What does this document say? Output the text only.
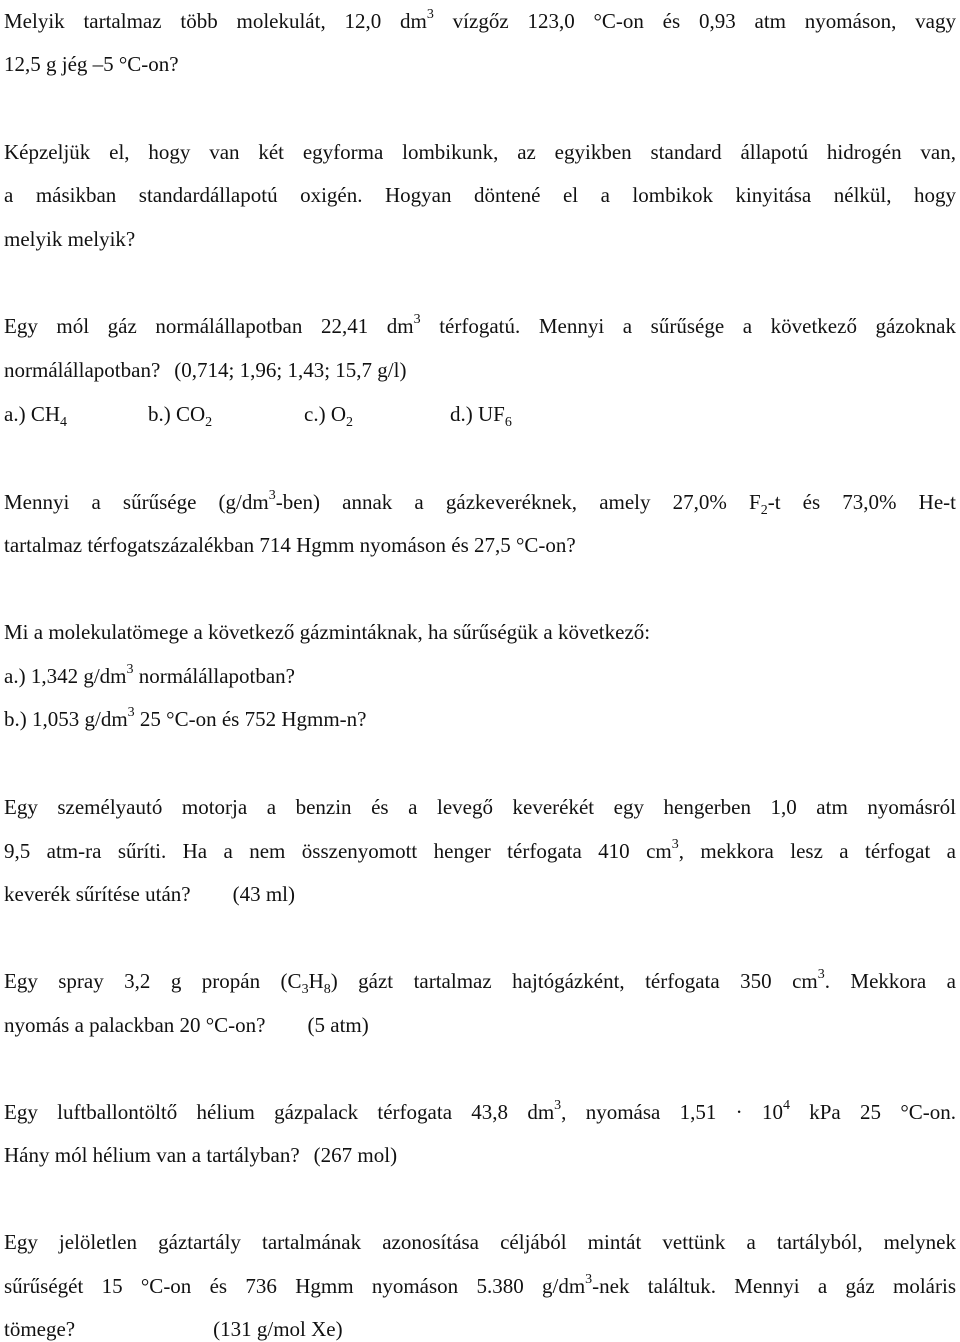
Melyik tartalmaz több molekulát, 12,0 $dm^3$ vízgőz 123,0 °C-on és 0,93 atm nyomáson, vagy
12,5 g jég –5 °C-on?
Képzeljük el, hogy van két egyforma lombikunk, az egyikben standard állapotú hidrogén van,
a másikban standardállapotú oxigén. Hogyan döntené el a lombikok kinyitása nélkül, hogy
melyik melyik?
Egy mól gáz normálállapotban 22,41 $dm^3$ térfogatú. Mennyi a sűrűsége a következő gázoknak
normálállapotban? (0,714; 1,96; 1,43; 15,7 g/l)
a.) $CH_4$	b.) $CO_2$	c.) $O_2$	d.) $UF_6$
Mennyi a sűrűsége $(g/dm^3-ben)$ annak a gázkeveréknek, amely 27,0% $F_2-t$ és 73,0% He-t
tartalmaz térfogatszázalékban 714 Hgmm nyomáson és 27,5 °C-on?
Mi a molekulatömege a következő gázmintáknak, ha sűrűségük a következő:
a.) 1,342 $g/dm^3$ normálállapotban?
b.) 1,053 $g/dm^3$ 25 °C-on és 752 Hgmm-n?
Egy személyautó motorja a benzin és a levegő keverékét egy hengerben 1,0 atm nyomásról
9,5 atm-ra sűríti. Ha a nem összenyomott henger térfogata 410 $cm^3$, mekkora lesz a térfogat a
keverék sűrítése után? (43 ml)
Egy spray 3,2 g propán $(C_3H_8)$ gázt tartalmaz hajtógázként, térfogata 350 $cm^3$. Mekkora a
nyomás a palackban 20 °C-on? (5 atm)
Egy luftballontöltő hélium gázpalack térfogata 43,8 $dm^3$, nyomása $1,51 \cdot 10^4$ kPa 25 °C-on.
Hány mól hélium van a tartályban? (267 mol)
Egy jelöletlen gáztartály tartalmának azonosítása céljából mintát vettünk a tartályból, melynek
sűrűségét 15 °C-on és 736 Hgmm nyomáson 5.380 $g/dm^3$-nek találtuk. Mennyi a gáz moláris
tömege?	(131 g/mol Xe)
